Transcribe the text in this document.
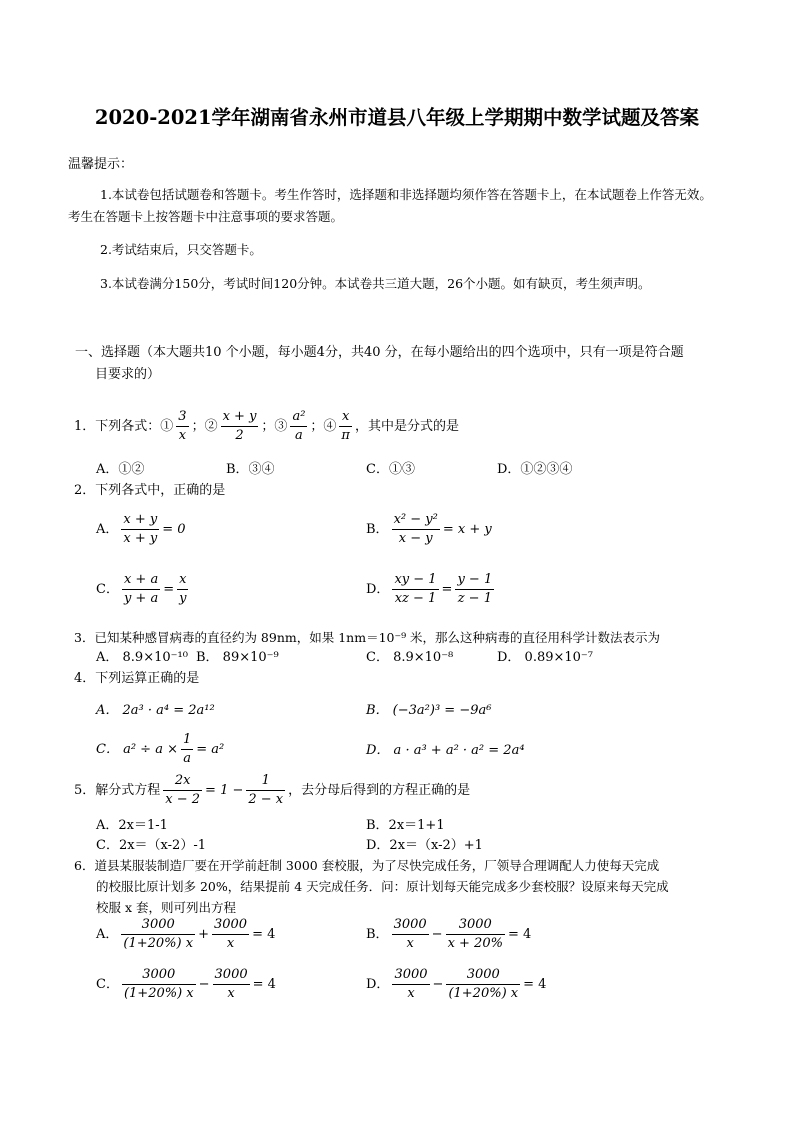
2020-2021学年湖南省永州市道县八年级上学期期中数学试题及答案
温馨提示：
1.本试卷包括试题卷和答题卡。考生作答时，选择题和非选择题均须作答在答题卡上，在本试题卷上作答无效。
考生在答题卡上按答题卡中注意事项的要求答题。
2.考试结束后，只交答题卡。
3.本试卷满分150分，考试时间120分钟。本试卷共三道大题，26个小题。如有缺页，考生须声明。
一、选择题（本大题共10 个小题，每小题4分，共40 分，在每小题给出的四个选项中，只有一项是符合题
目要求的）
1．下列各式：① $\frac{3}{x}$ ；② $\frac{x + y}{2}$ ；③ $\frac{\text{a²}}{a}$ ；④ $\frac{x}{\pi}$ ，其中是分式的是
A．①②	B．③④	C．①③	D．①②③④
2．下列各式中，正确的是
A． $\frac{x + y}{x + y} = 0$	B． $\frac{\text{x² − y²}}{x - y} = x + y$
C． $\frac{x + a}{y + a} = \frac{x}{y}$	D． $\frac{xy - 1}{xz - 1} = \frac{y - 1}{z - 1}$
3．已知某种感冒病毒的直径约为 89nm，如果 1nm＝10⁻⁹ 米，那么这种病毒的直径用科学计数法表示为
A． 8.9×10⁻¹⁰ B． 89×10⁻⁹	C． 8.9×10⁻⁸	D． 0.89×10⁻⁷
4．下列运算正确的是
A． 2a³ · a⁴ = 2a¹²	B． (−3a²)³ = −9a⁶
C． $a^2 \div a \times \frac{1}{a} = a^2$	D． a · a³ + a² · a² = 2a⁴
5．解分式方程 $\frac{2x}{x - 2} = 1 - \frac{1}{2 - x}$ ，去分母后得到的方程正确的是
A．2x＝1-1	B．2x＝1+1
C．2x＝（x-2）-1	D．2x＝（x-2）+1
6．道县某服装制造厂要在开学前赶制 3000 套校服，为了尽快完成任务，厂领导合理调配人力使每天完成
的校服比原计划多 20%，结果提前 4 天完成任务．问：原计划每天能完成多少套校服？设原来每天完成
校服 x 套，则可列出方程
A． $\frac{3000}{(1+20\%) x} + \frac{3000}{x} = 4$	B． $\frac{3000}{x} - \frac{3000}{x + 20\%} = 4$
C． $\frac{3000}{(1+20\%) x} - \frac{3000}{x} = 4$	D． $\frac{3000}{x} - \frac{3000}{(1+20\%) x} = 4$
